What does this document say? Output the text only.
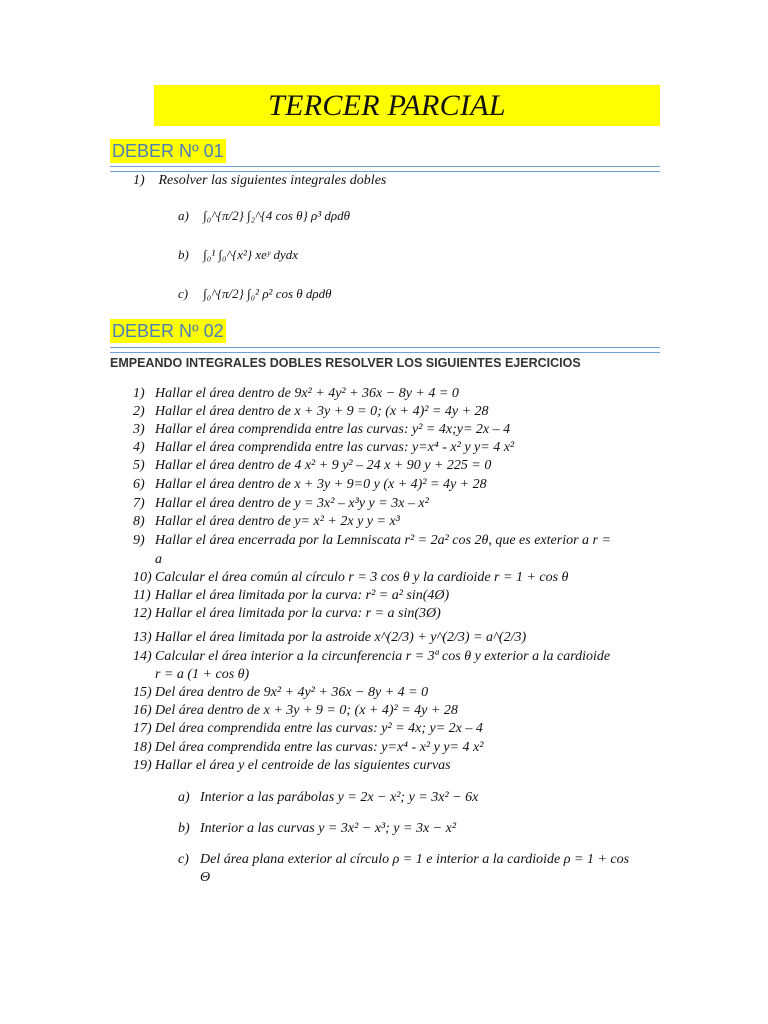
TERCER PARCIAL
DEBER Nº 01
1) Resolver las siguientes integrales dobles
a) ∫₀^{π/2} ∫₂^{4 cos θ} ρ³ dρdθ
b) ∫₀¹ ∫₀^{x²} xeʸ dydx
c) ∫₀^{π/2} ∫₀² ρ² cos θ dρdθ
DEBER Nº 02
EMPEANDO INTEGRALES DOBLES RESOLVER LOS SIGUIENTES EJERCICIOS
1) Hallar el área dentro de 9x² + 4y² + 36x − 8y + 4 = 0
2) Hallar el área dentro de x + 3y + 9 = 0; (x + 4)² = 4y + 28
3) Hallar el área comprendida entre las curvas: y² = 4x;y= 2x – 4
4) Hallar el área comprendida entre las curvas: y=x⁴ - x² y y= 4 x²
5) Hallar el área dentro de 4 x² + 9 y² – 24 x + 90 y + 225 = 0
6) Hallar el área dentro de x + 3y + 9=0 y (x + 4)² = 4y + 28
7) Hallar el área dentro de y = 3x² – x³y y = 3x – x²
8) Hallar el área dentro de y= x² + 2x y y = x³
9) Hallar el área encerrada por la Lemniscata r² = 2a² cos 2θ, que es exterior a r =
a
10) Calcular el área común al círculo r = 3 cos θ y la cardioide r = 1 + cos θ
11) Hallar el área limitada por la curva: r² = a² sin(4Ø)
12) Hallar el área limitada por la curva: r = a sin(3Ø)
13) Hallar el área limitada por la astroide x^(2/3) + y^(2/3) = a^(2/3)
14) Calcular el área interior a la circunferencia r = 3ª cos θ y exterior a la cardioide
r = a (1 + cos θ)
15) Del área dentro de 9x² + 4y² + 36x − 8y + 4 = 0
16) Del área dentro de x + 3y + 9 = 0; (x + 4)² = 4y + 28
17) Del área comprendida entre las curvas: y² = 4x; y= 2x – 4
18) Del área comprendida entre las curvas: y=x⁴ - x² y y= 4 x²
19) Hallar el área y el centroide de las siguientes curvas
a) Interior a las parábolas y = 2x − x²; y = 3x² − 6x
b) Interior a las curvas y = 3x² − x³; y = 3x − x²
c) Del área plana exterior al círculo ρ = 1 e interior a la cardioide ρ = 1 + cos
Θ
